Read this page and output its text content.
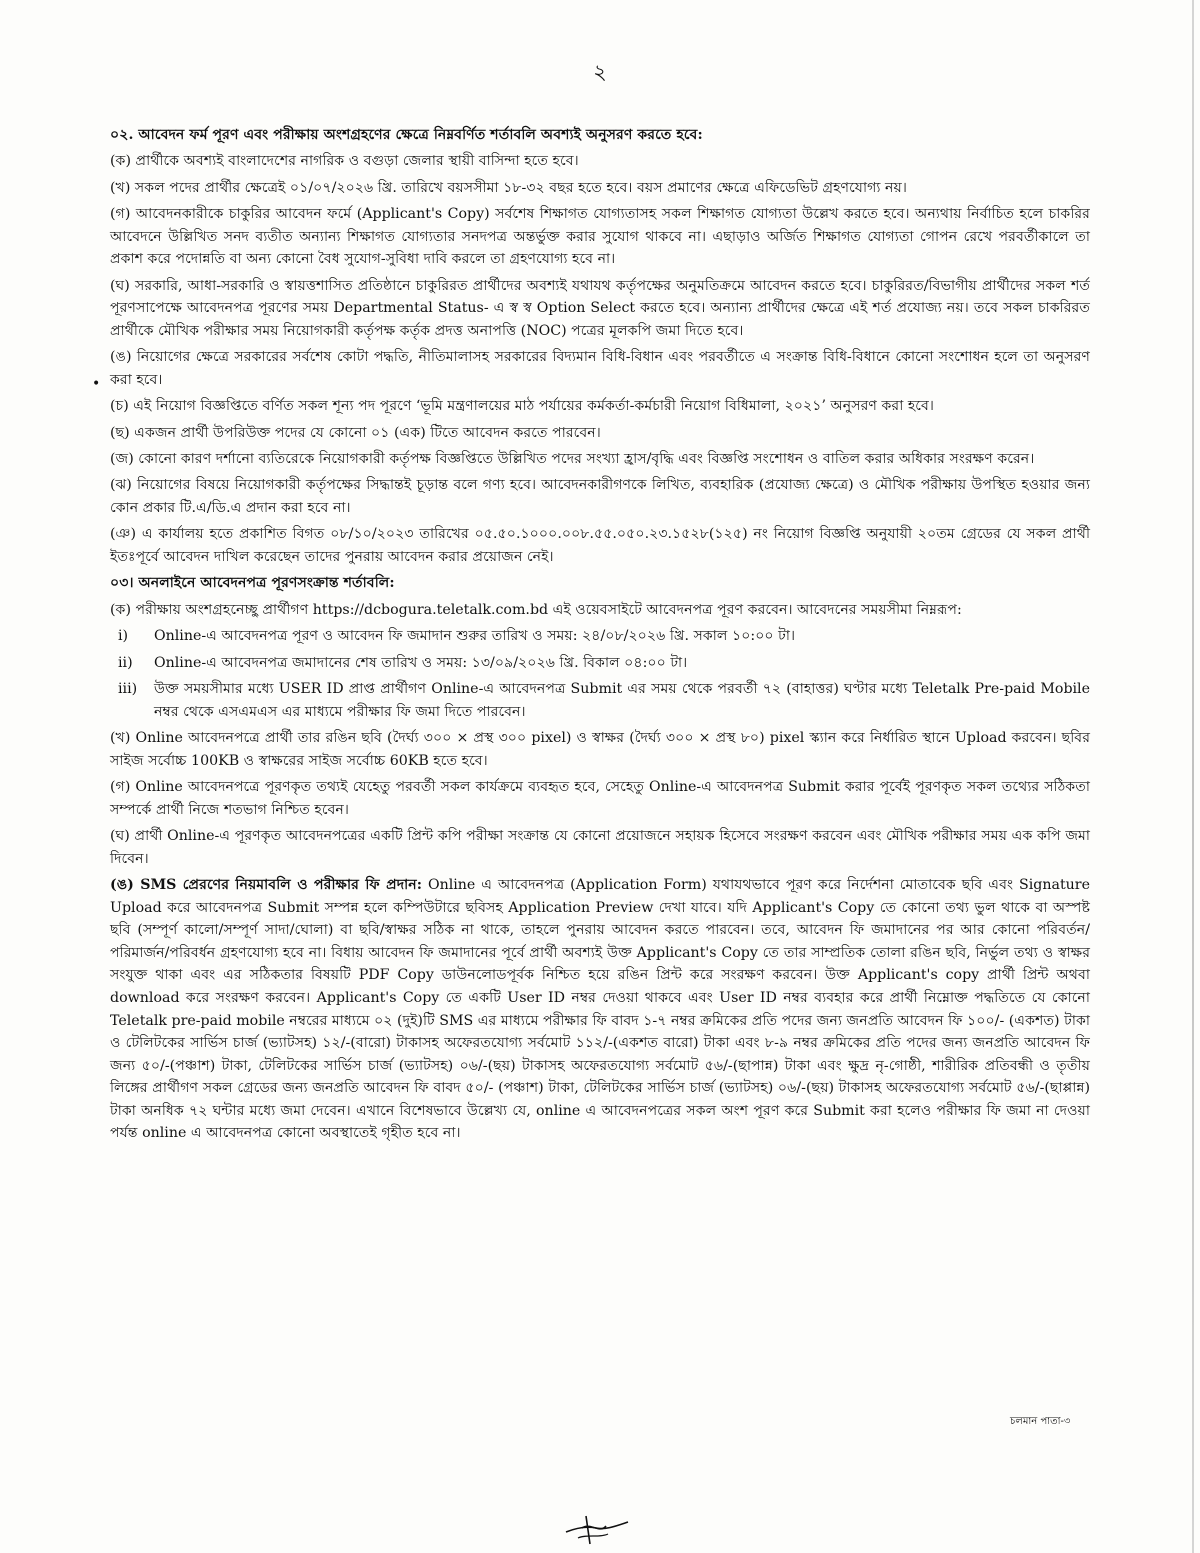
২
•

০২. আবেদন ফর্ম পূরণ এবং পরীক্ষায় অংশগ্রহণের ক্ষেত্রে নিম্নবর্ণিত শর্তাবলি অবশ্যই অনুসরণ করতে হবে:

(ক) প্রার্থীকে অবশ্যই বাংলাদেশের নাগরিক ও বগুড়া জেলার স্থায়ী বাসিন্দা হতে হবে।

(খ) সকল পদের প্রার্থীর ক্ষেত্রেই ০১/০৭/২০২৬ খ্রি. তারিখে বয়সসীমা ১৮-৩২ বছর হতে হবে। বয়স প্রমাণের ক্ষেত্রে এফিডেভিট গ্রহণযোগ্য নয়।

(গ) আবেদনকারীকে চাকুরির আবেদন ফর্মে (Applicant's Copy) সর্বশেষ শিক্ষাগত যোগ্যতাসহ সকল শিক্ষাগত যোগ্যতা উল্লেখ করতে হবে। অন্যথায় নির্বাচিত হলে চাকরির আবেদনে উল্লিখিত সনদ ব্যতীত অন্যান্য শিক্ষাগত যোগ্যতার সনদপত্র অন্তর্ভুক্ত করার সুযোগ থাকবে না। এছাড়াও অর্জিত শিক্ষাগত যোগ্যতা গোপন রেখে পরবর্তীকালে তা প্রকাশ করে পদোন্নতি বা অন্য কোনো বৈধ সুযোগ-সুবিধা দাবি করলে তা গ্রহণযোগ্য হবে না।

(ঘ) সরকারি, আধা-সরকারি ও স্বায়ত্তশাসিত প্রতিষ্ঠানে চাকুরিরত প্রার্থীদের অবশ্যই যথাযথ কর্তৃপক্ষের অনুমতিক্রমে আবেদন করতে হবে। চাকুরিরত/বিভাগীয় প্রার্থীদের সকল শর্ত পূরণসাপেক্ষে আবেদনপত্র পূরণের সময় Departmental Status- এ স্ব স্ব Option Select করতে হবে। অন্যান্য প্রার্থীদের ক্ষেত্রে এই শর্ত প্রযোজ্য নয়। তবে সকল চাকরিরত প্রার্থীকে মৌখিক পরীক্ষার সময় নিয়োগকারী কর্তৃপক্ষ কর্তৃক প্রদত্ত অনাপত্তি (NOC) পত্রের মূলকপি জমা দিতে হবে।

(ঙ) নিয়োগের ক্ষেত্রে সরকারের সর্বশেষ কোটা পদ্ধতি, নীতিমালাসহ সরকারের বিদ্যমান বিধি-বিধান এবং পরবর্তীতে এ সংক্রান্ত বিধি-বিধানে কোনো সংশোধন হলে তা অনুসরণ করা হবে।

(চ) এই নিয়োগ বিজ্ঞপ্তিতে বর্ণিত সকল শূন্য পদ পূরণে ‘ভূমি মন্ত্রণালয়ের মাঠ পর্যায়ের কর্মকর্তা-কর্মচারী নিয়োগ বিধিমালা, ২০২১’ অনুসরণ করা হবে।

(ছ) একজন প্রার্থী উপরিউক্ত পদের যে কোনো ০১ (এক) টিতে আবেদন করতে পারবেন।

(জ) কোনো কারণ দর্শানো ব্যতিরেকে নিয়োগকারী কর্তৃপক্ষ বিজ্ঞপ্তিতে উল্লিখিত পদের সংখ্যা হ্রাস/বৃদ্ধি এবং বিজ্ঞপ্তি সংশোধন ও বাতিল করার অধিকার সংরক্ষণ করেন।

(ঝ) নিয়োগের বিষয়ে নিয়োগকারী কর্তৃপক্ষের সিদ্ধান্তই চূড়ান্ত বলে গণ্য হবে। আবেদনকারীগণকে লিখিত, ব্যবহারিক (প্রযোজ্য ক্ষেত্রে) ও মৌখিক পরীক্ষায় উপস্থিত হওয়ার জন্য কোন প্রকার টি.এ/ডি.এ প্রদান করা হবে না।

(ঞ) এ কার্যালয় হতে প্রকাশিত বিগত ০৮/১০/২০২৩ তারিখের ০৫.৫০.১০০০.০০৮.৫৫.০৫০.২৩.১৫২৮(১২৫) নং নিয়োগ বিজ্ঞপ্তি অনুযায়ী ২০তম গ্রেডের যে সকল প্রার্থী ইতঃপূর্বে আবেদন দাখিল করেছেন তাদের পুনরায় আবেদন করার প্রয়োজন নেই।

০৩। অনলাইনে আবেদনপত্র পূরণসংক্রান্ত শর্তাবলি:

(ক) পরীক্ষায় অংশগ্রহনেচ্ছু প্রার্থীগণ https://dcbogura.teletalk.com.bd এই ওয়েবসাইটে আবেদনপত্র পূরণ করবেন। আবেদনের সময়সীমা নিম্নরূপ:

i)	Online-এ আবেদনপত্র পূরণ ও আবেদন ফি জমাদান শুরুর তারিখ ও সময়: ২৪/০৮/২০২৬ খ্রি. সকাল ১০:০০ টা।
ii)	Online-এ আবেদনপত্র জমাদানের শেষ তারিখ ও সময়: ১৩/০৯/২০২৬ খ্রি. বিকাল ০৪:০০ টা।
iii)	উক্ত সময়সীমার মধ্যে USER ID প্রাপ্ত প্রার্থীগণ Online-এ আবেদনপত্র Submit এর সময় থেকে পরবর্তী ৭২ (বাহাত্তর) ঘণ্টার মধ্যে Teletalk Pre-paid Mobile নম্বর থেকে এসএমএস এর মাধ্যমে পরীক্ষার ফি জমা দিতে পারবেন।

(খ) Online আবেদনপত্রে প্রার্থী তার রঙিন ছবি (দৈর্ঘ্য ৩০০ × প্রস্থ ৩০০ pixel) ও স্বাক্ষর (দৈর্ঘ্য ৩০০ × প্রস্থ ৮০) pixel স্ক্যান করে নির্ধারিত স্থানে Upload করবেন। ছবির সাইজ সর্বোচ্চ 100KB ও স্বাক্ষরের সাইজ সর্বোচ্চ 60KB হতে হবে।

(গ) Online আবেদনপত্রে পূরণকৃত তথ্যই যেহেতু পরবর্তী সকল কার্যক্রমে ব্যবহৃত হবে, সেহেতু Online-এ আবেদনপত্র Submit করার পূর্বেই পূরণকৃত সকল তথ্যের সঠিকতা সম্পর্কে প্রার্থী নিজে শতভাগ নিশ্চিত হবেন।

(ঘ) প্রার্থী Online-এ পূরণকৃত আবেদনপত্রের একটি প্রিন্ট কপি পরীক্ষা সংক্রান্ত যে কোনো প্রয়োজনে সহায়ক হিসেবে সংরক্ষণ করবেন এবং মৌখিক পরীক্ষার সময় এক কপি জমা দিবেন।

(ঙ) SMS প্রেরণের নিয়মাবলি ও পরীক্ষার ফি প্রদান: Online এ আবেদনপত্র (Application Form) যথাযথভাবে পূরণ করে নির্দেশনা মোতাবেক ছবি এবং Signature Upload করে আবেদনপত্র Submit সম্পন্ন হলে কম্পিউটারে ছবিসহ Application Preview দেখা যাবে। যদি Applicant's Copy তে কোনো তথ্য ভুল থাকে বা অস্পষ্ট ছবি (সম্পূর্ণ কালো/সম্পূর্ণ সাদা/ঘোলা) বা ছবি/স্বাক্ষর সঠিক না থাকে, তাহলে পুনরায় আবেদন করতে পারবেন। তবে, আবেদন ফি জমাদানের পর আর কোনো পরিবর্তন/পরিমার্জন/পরিবর্ধন গ্রহণযোগ্য হবে না। বিধায় আবেদন ফি জমাদানের পূর্বে প্রার্থী অবশ্যই উক্ত Applicant's Copy তে তার সাম্প্রতিক তোলা রঙিন ছবি, নির্ভুল তথ্য ও স্বাক্ষর সংযুক্ত থাকা এবং এর সঠিকতার বিষয়টি PDF Copy ডাউনলোডপূর্বক নিশ্চিত হয়ে রঙিন প্রিন্ট করে সংরক্ষণ করবেন। উক্ত Applicant's copy প্রার্থী প্রিন্ট অথবা download করে সংরক্ষণ করবেন। Applicant's Copy তে একটি User ID নম্বর দেওয়া থাকবে এবং User ID নম্বর ব্যবহার করে প্রার্থী নিম্নোক্ত পদ্ধতিতে যে কোনো Teletalk pre-paid mobile নম্বরের মাধ্যমে ০২ (দুই)টি SMS এর মাধ্যমে পরীক্ষার ফি বাবদ ১-৭ নম্বর ক্রমিকের প্রতি পদের জন্য জনপ্রতি আবেদন ফি ১০০/- (একশত) টাকা ও টেলিটকের সার্ভিস চার্জ (ভ্যাটসহ) ১২/-(বারো) টাকাসহ অফেরতযোগ্য সর্বমোট ১১২/-(একশত বারো) টাকা এবং ৮-৯ নম্বর ক্রমিকের প্রতি পদের জন্য জনপ্রতি আবেদন ফি জন্য ৫০/-(পঞ্চাশ) টাকা, টেলিটকের সার্ভিস চার্জ (ভ্যাটসহ) ০৬/-(ছয়) টাকাসহ অফেরতযোগ্য সর্বমোট ৫৬/-(ছাপান্ন) টাকা এবং ক্ষুদ্র নৃ-গোষ্ঠী, শারীরিক প্রতিবন্ধী ও তৃতীয় লিঙ্গের প্রার্থীগণ সকল গ্রেডের জন্য জনপ্রতি আবেদন ফি বাবদ ৫০/- (পঞ্চাশ) টাকা, টেলিটকের সার্ভিস চার্জ (ভ্যাটসহ) ০৬/-(ছয়) টাকাসহ অফেরতযোগ্য সর্বমোট ৫৬/-(ছাপ্পান্ন) টাকা অনধিক ৭২ ঘন্টার মধ্যে জমা দেবেন। এখানে বিশেষভাবে উল্লেখ্য যে, online এ আবেদনপত্রের সকল অংশ পূরণ করে Submit করা হলেও পরীক্ষার ফি জমা না দেওয়া পর্যন্ত online এ আবেদনপত্র কোনো অবস্থাতেই গৃহীত হবে না।

চলমান পাতা-৩
